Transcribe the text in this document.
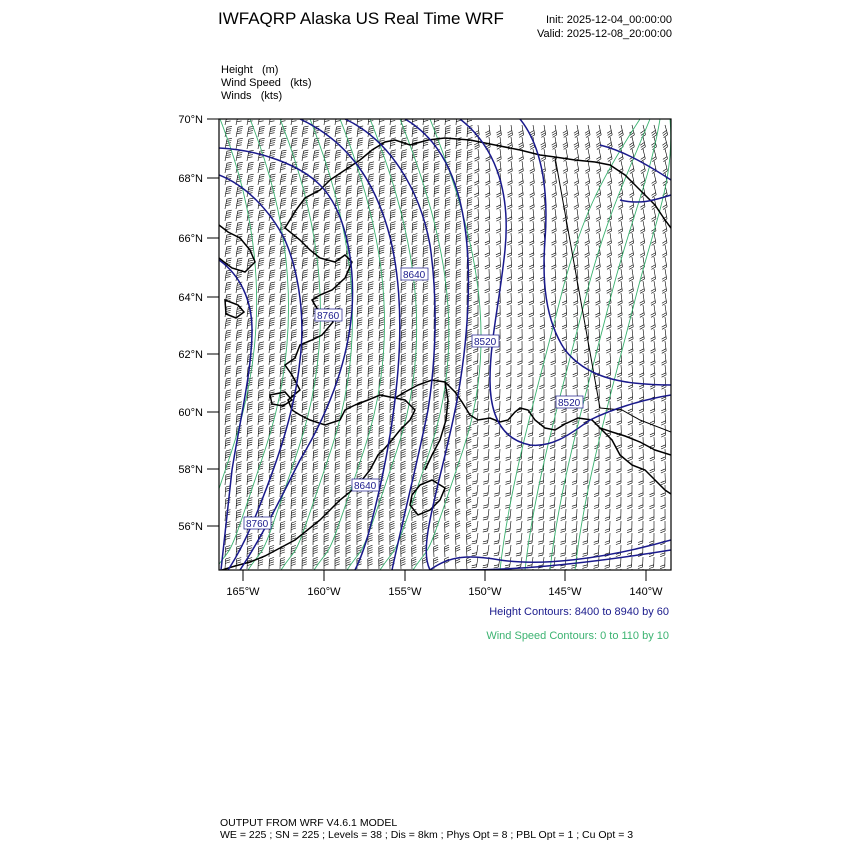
IWFAQRP Alaska US Real Time WRF	Init: 2025-12-04_00:00:00
Valid: 2025-12-08_20:00:00
Height   (m)
Wind Speed   (kts)
Winds   (kts)
8640
8760
8520
8520
8640
8760
70°N
68°N
66°N
64°N
62°N
60°N
58°N
56°N
165°W	160°W	155°W	150°W	145°W	140°W
Height Contours: 8400 to 8940 by 60
Wind Speed Contours: 0 to 110 by 10
OUTPUT FROM WRF V4.6.1 MODEL
WE = 225 ; SN = 225 ; Levels = 38 ; Dis = 8km ; Phys Opt = 8 ; PBL Opt = 1 ; Cu Opt = 3
